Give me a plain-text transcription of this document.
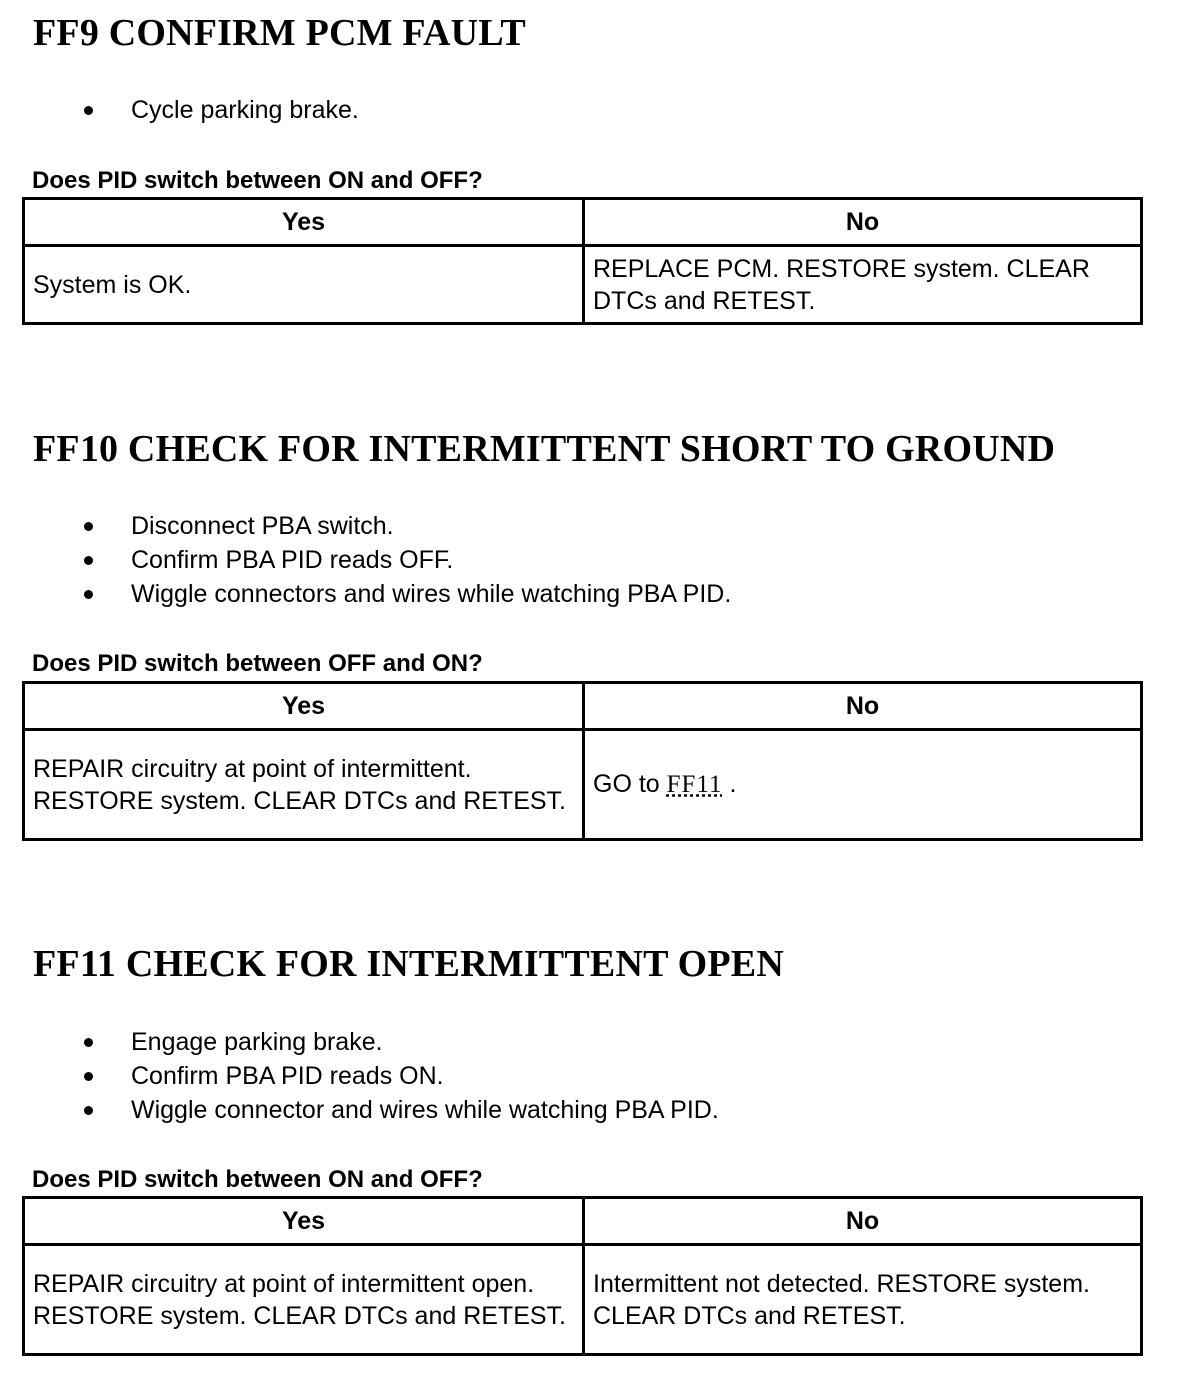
FF9 CONFIRM PCM FAULT
Cycle parking brake.

Does PID switch between ON and OFF?

Yes	No
System is OK.	REPLACE PCM. RESTORE system. CLEAR DTCs and RETEST.
FF10 CHECK FOR INTERMITTENT SHORT TO GROUND
Disconnect PBA switch.
Confirm PBA PID reads OFF.
Wiggle connectors and wires while watching PBA PID.

Does PID switch between OFF and ON?

Yes	No
REPAIR circuitry at point of intermittent. RESTORE system. CLEAR DTCs and RETEST.	GO to FF11 .
FF11 CHECK FOR INTERMITTENT OPEN
Engage parking brake.
Confirm PBA PID reads ON.
Wiggle connector and wires while watching PBA PID.

Does PID switch between ON and OFF?

Yes	No
REPAIR circuitry at point of intermittent open. RESTORE system. CLEAR DTCs and RETEST.	Intermittent not detected. RESTORE system. CLEAR DTCs and RETEST.
